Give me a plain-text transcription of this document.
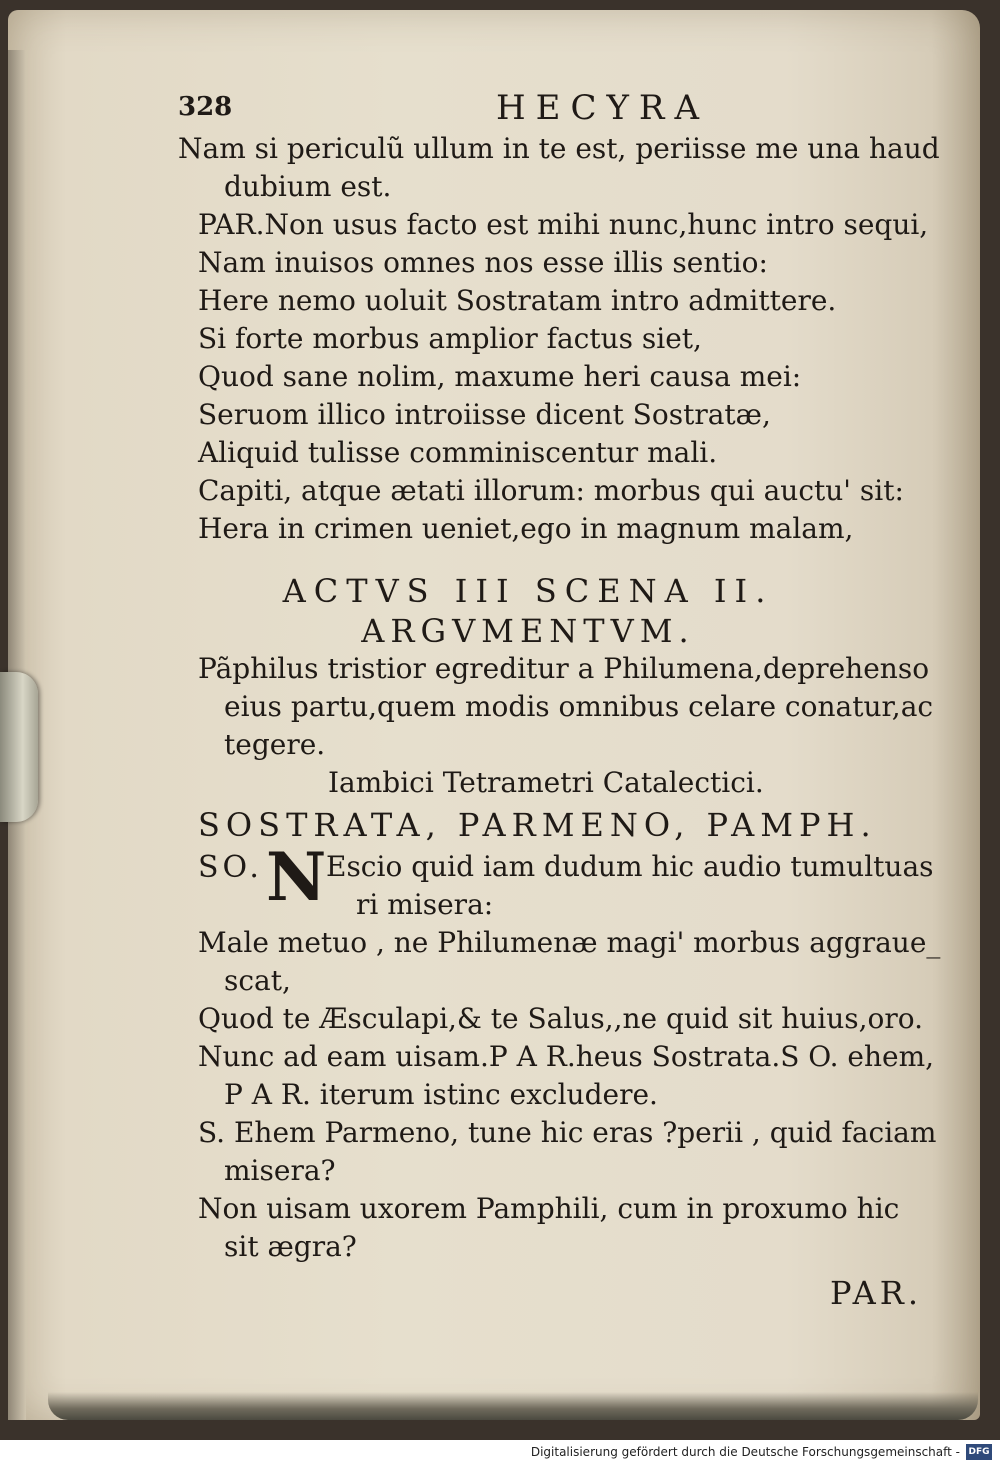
328	HECYRA
Nam si periculũ ullum in te est, periisse me una haud
dubium est.
PAR.Non usus facto est mihi nunc,hunc intro sequi,
Nam inuisos omnes nos esse illis sentio:
Here nemo uoluit Sostratam intro admittere.
Si forte morbus amplior factus siet,
Quod sane nolim, maxume heri causa mei:
Seruom illico introiisse dicent Sostratæ,
Aliquid tulisse comminiscentur mali.
Capiti, atque ætati illorum: morbus qui auctu' sit:
Hera in crimen ueniet,ego in magnum malam,
ACTVS III SCENA II.
ARGVMENTVM.
Pãphilus tristior egreditur a Philumena,deprehenso
eius partu,quem modis omnibus celare conatur,ac
tegere.
Iambici Tetrametri Catalectici.
SOSTRATA, PARMENO, PAMPH.
SO. N Escio quid iam dudum hic audio tumultuas
ri misera:
Male metuo , ne Philumenæ magi' morbus aggraue_
scat,
Quod te Æsculapi,& te Salus,,ne quid sit huius,oro.
Nunc ad eam uisam.P A R.heus Sostrata.S O. ehem,
P A R. iterum istinc excludere.
S. Ehem Parmeno, tune hic eras ?perii , quid faciam
misera?
Non uisam uxorem Pamphili, cum in proxumo hic
sit ægra?
PAR.
Digitalisierung gefördert durch die Deutsche Forschungsgemeinschaft - DFG
